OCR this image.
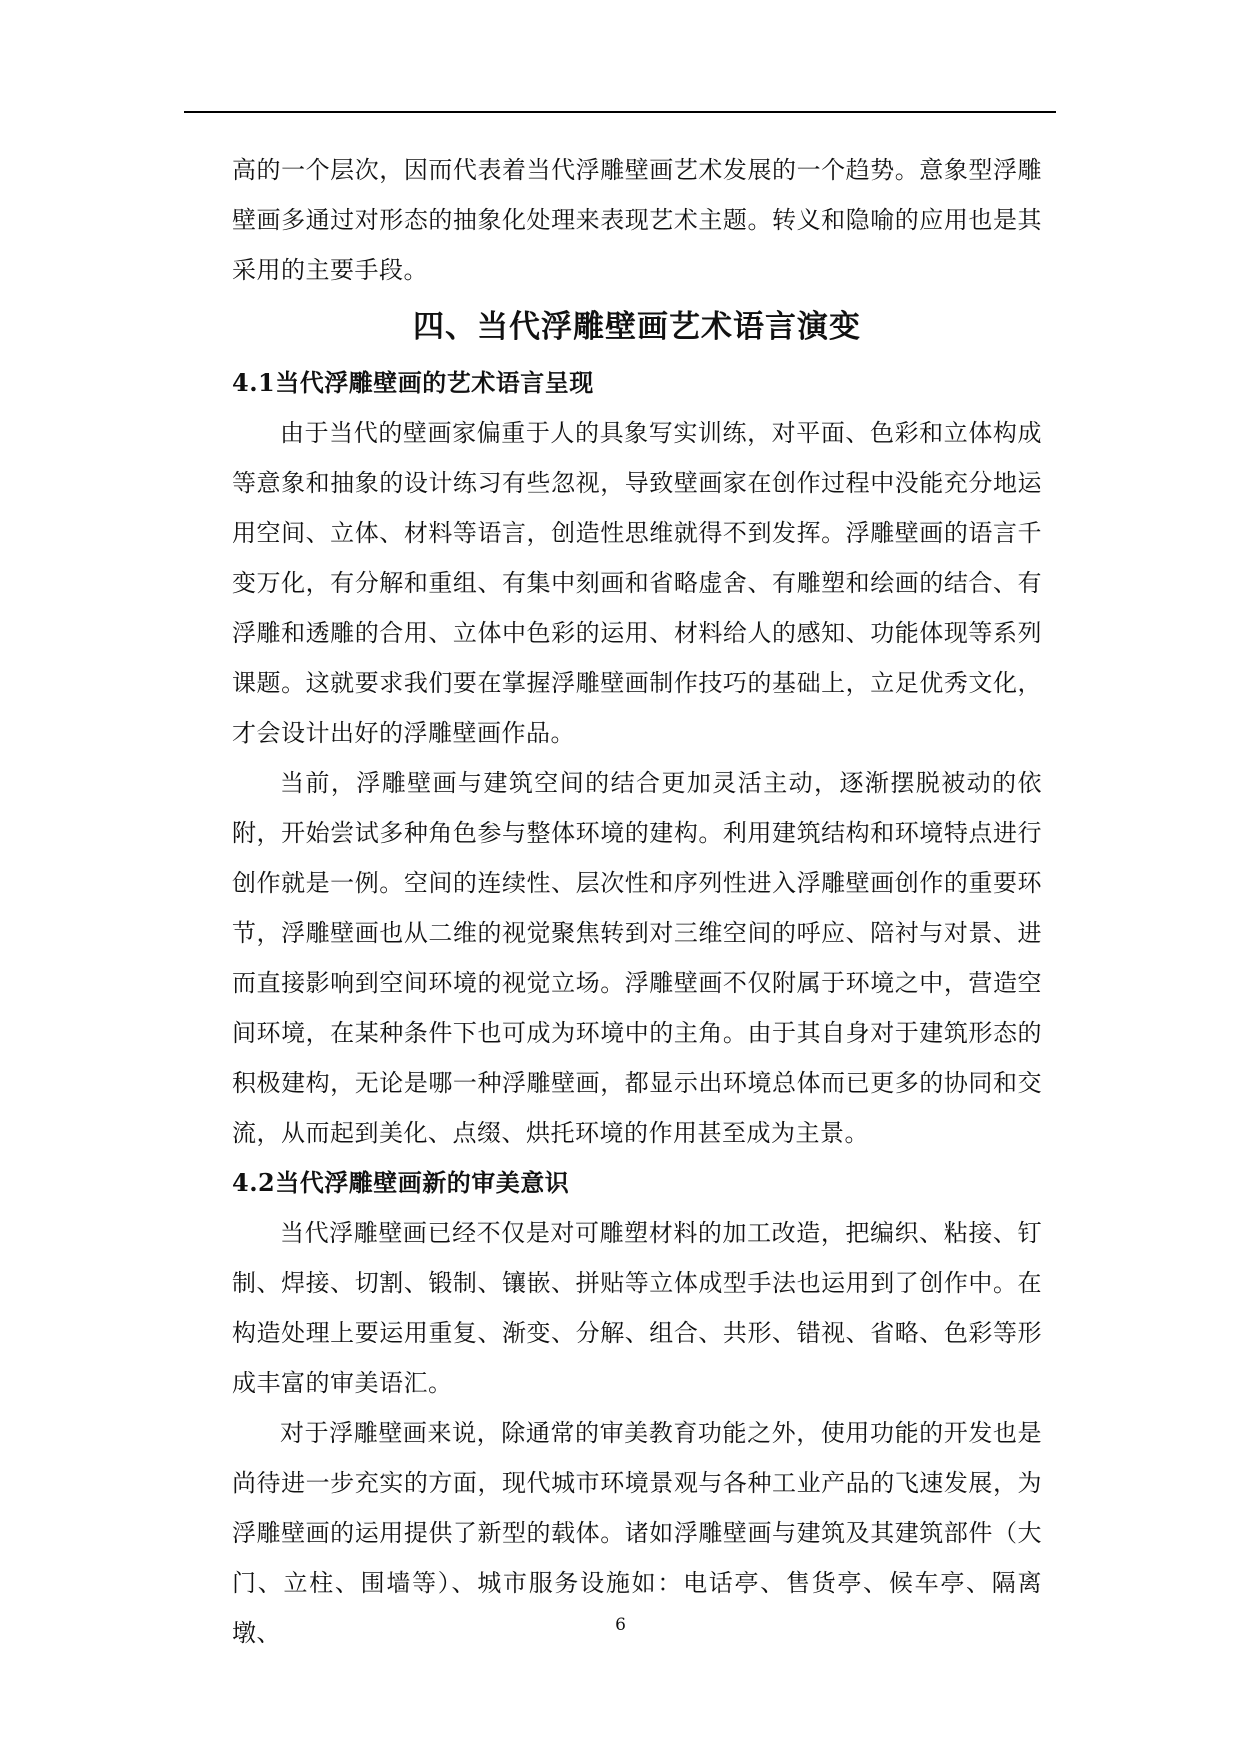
高的一个层次，因而代表着当代浮雕壁画艺术发展的一个趋势。意象型浮雕壁画多通过对形态的抽象化处理来表现艺术主题。转义和隐喻的应用也是其采用的主要手段。

四、当代浮雕壁画艺术语言演变
4.1当代浮雕壁画的艺术语言呈现

由于当代的壁画家偏重于人的具象写实训练，对平面、色彩和立体构成等意象和抽象的设计练习有些忽视，导致壁画家在创作过程中没能充分地运用空间、立体、材料等语言，创造性思维就得不到发挥。浮雕壁画的语言千变万化，有分解和重组、有集中刻画和省略虚舍、有雕塑和绘画的结合、有浮雕和透雕的合用、立体中色彩的运用、材料给人的感知、功能体现等系列课题。这就要求我们要在掌握浮雕壁画制作技巧的基础上，立足优秀文化，才会设计出好的浮雕壁画作品。

当前，浮雕壁画与建筑空间的结合更加灵活主动，逐渐摆脱被动的依附，开始尝试多种角色参与整体环境的建构。利用建筑结构和环境特点进行创作就是一例。空间的连续性、层次性和序列性进入浮雕壁画创作的重要环节，浮雕壁画也从二维的视觉聚焦转到对三维空间的呼应、陪衬与对景、进而直接影响到空间环境的视觉立场。浮雕壁画不仅附属于环境之中，营造空间环境，在某种条件下也可成为环境中的主角。由于其自身对于建筑形态的积极建构，无论是哪一种浮雕壁画，都显示出环境总体而已更多的协同和交流，从而起到美化、点缀、烘托环境的作用甚至成为主景。

4.2当代浮雕壁画新的审美意识

当代浮雕壁画已经不仅是对可雕塑材料的加工改造，把编织、粘接、钉制、焊接、切割、锻制、镶嵌、拼贴等立体成型手法也运用到了创作中。在构造处理上要运用重复、渐变、分解、组合、共形、错视、省略、色彩等形成丰富的审美语汇。

对于浮雕壁画来说，除通常的审美教育功能之外，使用功能的开发也是尚待进一步充实的方面，现代城市环境景观与各种工业产品的飞速发展，为浮雕壁画的运用提供了新型的载体。诸如浮雕壁画与建筑及其建筑部件（大门、立柱、围墙等）、城市服务设施如：电话亭、售货亭、候车亭、隔离墩、	6
